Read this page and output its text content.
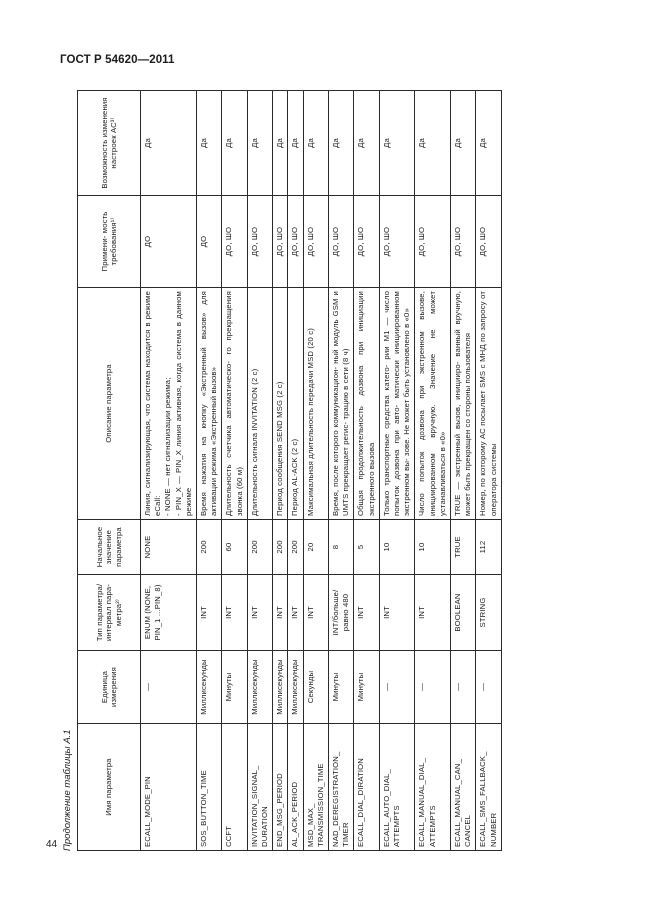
ГОСТ Р 54620—2011
44 Продолжение таблицы А.1	Имя параметра	Единица измерения	Тип параметра/ интервал пара- метра²⁾	Начальное значение параметра	Описание параметра	Примени- мость требования¹⁾	Возможность изменения настроек АС³⁾
ECALL_MODE_PIN	—	ENUM (NONE, PIN_1 ...PIN_8)	NONE	Линия, сигнализирующая, что система находится в режиме eCall:
- NONE — нет сигнализации режима;
- PIN_X — PIN_X линия активная, когда система в данном режиме	ДО	Да
SOS_BUTTON_TIME	Миллисекунды	INT	200	Время нажатия на кнопку «Экстренный вызов» для активации режима «Экстренный вызов»	ДО	Да
CCFT	Минуты	INT	60	Длительность счетчика автоматическо- го прекращения звонка (60 м)	ДО, ШО	Да
INVITATION_SIGNAL_ DURATION	Миллисекунды	INT	200	Длительность сигнала INVITATION (2 с)	ДО, ШО	Да
END_MSG_PERIOD	Миллисекунды	INT	200	Период сообщения SEND MSG (2 с)	ДО, ШО	Да
AL_ACK_PERIOD	Миллисекунды	INT	200	Период AL-ACK (2 с)	ДО, ШО	Да
MSD_MAX_ TRANSMISSION_TIME	Секунды	INT	20	Максимальная длительность передачи MSD (20 с)	ДО, ШО	Да
NAD_DEREGISTRATION_ TIMER	Минуты	INT/больше/ равно 480	8	Время, после которого коммуникацион- ный модуль GSM и UMTS прекращает регис- трацию в сети (8 ч)	ДО, ШО	Да
ECALL_DIAL_DIRATION	Минуты	INT	5	Общая продолжительность дозвона при инициации экстренного вызова	ДО, ШО	Да
ECALL_AUTO_DIAL_ ATTEMPTS	—	INT	10	Только транспортные средства катего- рии M1 — число попыток дозвона при авто- матически инициированном экстренном вы- зове. Не может быть установлено в «0»	ДО, ШО	Да
ECALL_MANUAL_DIAL_ ATTEMPTS	—	INT	10	Число попыток дозвона при экстренном вызове, инициированном вручную. Значение не может устанавливаться в «0»	ДО, ШО	Да
ECALL_MANUAL_CAN_ CANCEL	—	BOOLEAN	TRUE	TRUE — экстренный вызов, иницииро- ванный вручную, может быть прекращен со стороны пользователя	ДО, ШО	Да
ECALL_SMS_FALLBACK_ NUMBER	—	STRING	112	Номер, по которому АС посылает SMS с МНД по запросу от оператора системы	ДО, ШО	Да
